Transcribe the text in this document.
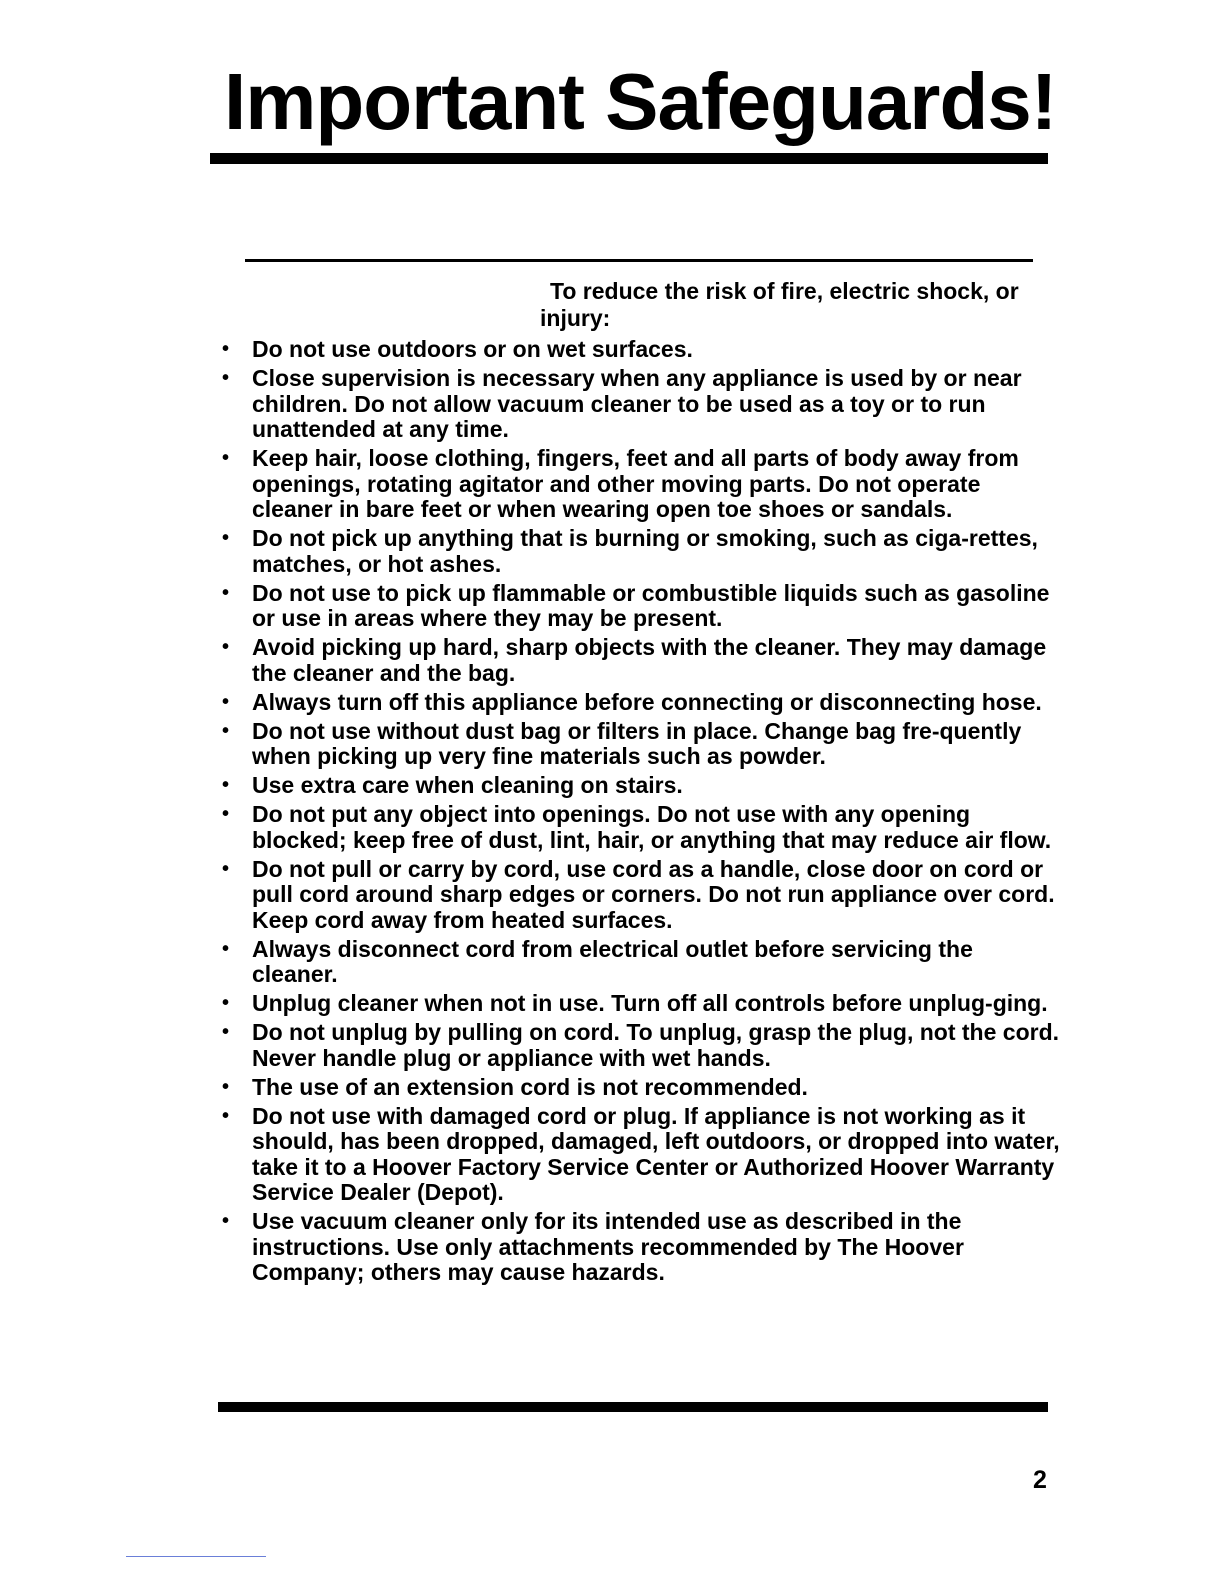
Important Safeguards!
To reduce the risk of fire, electric shock, or
injury:
• Do not use outdoors or on wet surfaces.
• Close supervision is necessary when any appliance is used by or near children. Do not allow vacuum cleaner to be used as a toy or to run unattended at any time.
• Keep hair, loose clothing, fingers, feet and all parts of body away from openings, rotating agitator and other moving parts. Do not operate cleaner in bare feet or when wearing open toe shoes or sandals.
• Do not pick up anything that is burning or smoking, such as ciga-rettes, matches, or hot ashes.
• Do not use to pick up flammable or combustible liquids such as gasoline or use in areas where they may be present.
• Avoid picking up hard, sharp objects with the cleaner. They may damage the cleaner and the bag.
• Always turn off this appliance before connecting or disconnecting hose.
• Do not use without dust bag or filters in place. Change bag fre-quently when picking up very fine materials such as powder.
• Use extra care when cleaning on stairs.
• Do not put any object into openings. Do not use with any opening blocked; keep free of dust, lint, hair, or anything that may reduce air flow.
• Do not pull or carry by cord, use cord as a handle, close door on cord or pull cord around sharp edges or corners. Do not run appliance over cord. Keep cord away from heated surfaces.
• Always disconnect cord from electrical outlet before servicing the cleaner.
• Unplug cleaner when not in use. Turn off all controls before unplug-ging.
• Do not unplug by pulling on cord. To unplug, grasp the plug, not the cord. Never handle plug or appliance with wet hands.
• The use of an extension cord is not recommended.
• Do not use with damaged cord or plug. If appliance is not working as it should, has been dropped, damaged, left outdoors, or dropped into water, take it to a Hoover Factory Service Center or Authorized Hoover Warranty Service Dealer (Depot).
• Use vacuum cleaner only for its intended use as described in the instructions. Use only attachments recommended by The Hoover Company; others may cause hazards.
2
